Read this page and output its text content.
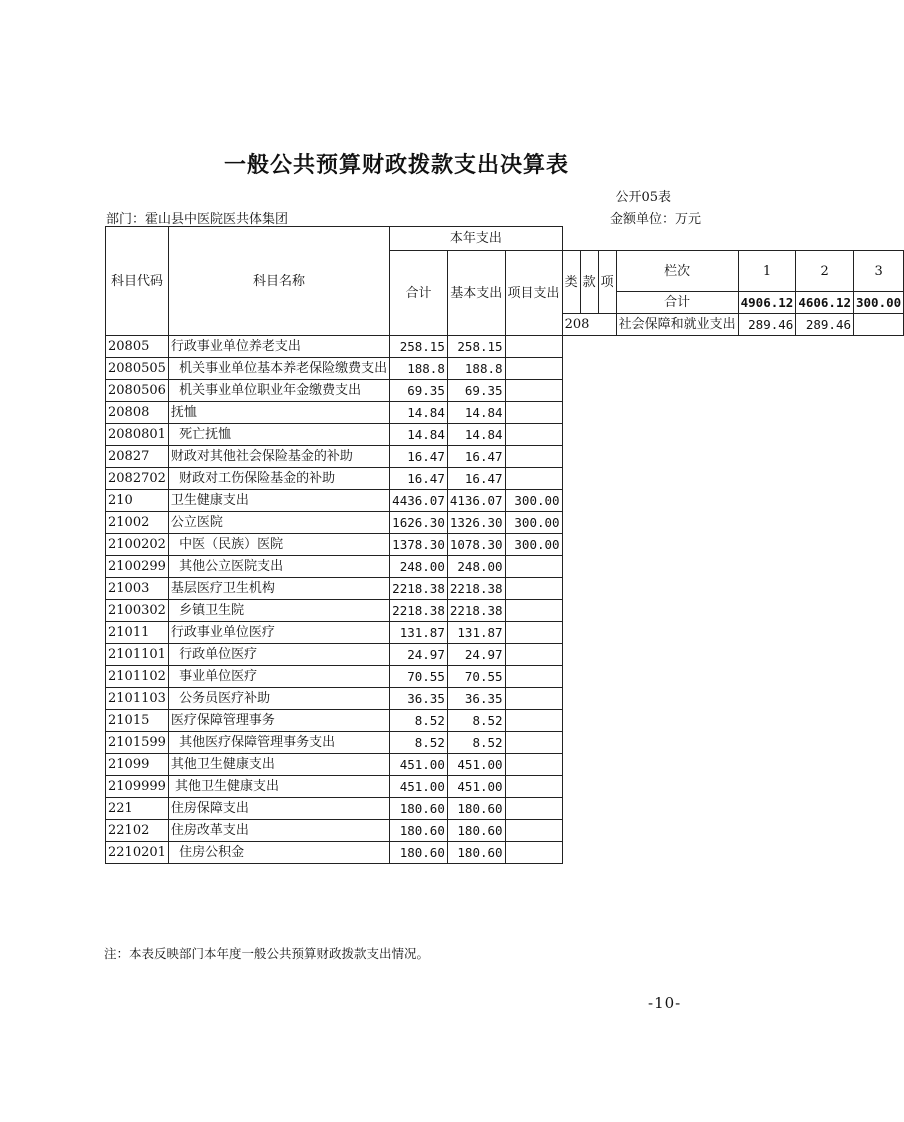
一般公共预算财政拨款支出决算表
公开05表
部门：霍山县中医院医共体集团	金额单位：万元
科目代码	科目名称	本年支出									
		合计	基本支出	项目支出							
					类	款	项	栏次	1	2	3
								合计	4906.12	4606.12	300.00
					208			社会保障和就业支出	289.46	289.46	
20805	行政事业单位养老支出	258.15	258.15								
2080505	机关事业单位基本养老保险缴费支出	188.8	188.8								
2080506	机关事业单位职业年金缴费支出	69.35	69.35								
20808	抚恤	14.84	14.84								
2080801	死亡抚恤	14.84	14.84								
20827	财政对其他社会保险基金的补助	16.47	16.47								
2082702	财政对工伤保险基金的补助	16.47	16.47								
210	卫生健康支出	4436.07	4136.07	300.00							
21002	公立医院	1626.30	1326.30	300.00							
2100202	中医（民族）医院	1378.30	1078.30	300.00							
2100299	其他公立医院支出	248.00	248.00								
21003	基层医疗卫生机构	2218.38	2218.38								
2100302	乡镇卫生院	2218.38	2218.38								
21011	行政事业单位医疗	131.87	131.87								
2101101	行政单位医疗	24.97	24.97								
2101102	事业单位医疗	70.55	70.55								
2101103	公务员医疗补助	36.35	36.35								
21015	医疗保障管理事务	8.52	8.52								
2101599	其他医疗保障管理事务支出	8.52	8.52								
21099	其他卫生健康支出	451.00	451.00								
2109999	其他卫生健康支出	451.00	451.00								
221	住房保障支出	180.60	180.60								
22102	住房改革支出	180.60	180.60								
2210201	住房公积金	180.60	180.60								
注：本表反映部门本年度一般公共预算财政拨款支出情况。
-10-
